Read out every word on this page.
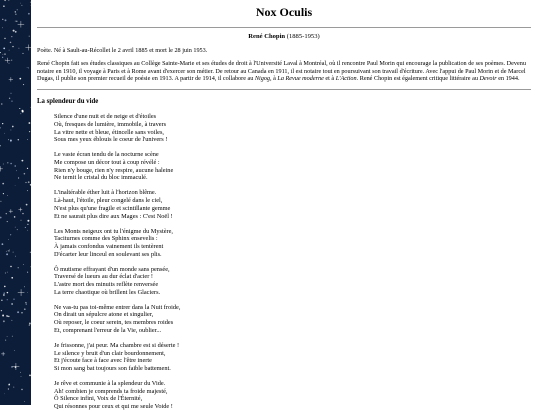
Nox Oculis
René Chopin (1885-1953)
Poète. Né à Sault-au-Récollet le 2 avril 1885 et mort le 28 juin 1953.
René Chopin fait ses études classiques au Collège Sainte-Marie et ses études de droit à l'Université Laval à Montréal, où il rencontre Paul Morin qui encourage la publication de ses poèmes. Devenu notaire en 1910, il voyage à Paris et à Rome avant d'exercer son métier. De retour au Canada en 1911, il est notaire tout en poursuivant son travail d'écriture. Avec l'appui de Paul Morin et de Marcel Dugas, il publie son premier recueil de poésie en 1913. A partir de 1914, il collabore au Nigog, à La Revue moderne et à L'Action. René Chopin est également critique littéraire au Devoir en 1944.
La splendeur du vide
Silence d'une nuit et de neige et d'étoiles
Où, fresques de lumière, immobile, à travers
La vitre nette et bleue, étincelle sans voiles,
Sous mes yeux éblouis le coeur de l'univers !
Le vaste écran tendu de la nocturne scène
Me compose un décor tout à coup révélé :
Rien n'y bouge, rien n'y respire, aucune haleine
Ne ternit le cristal du bloc immaculé.
L'inaltérable éther luit à l'horizon blême.
Là-haut, l'étoile, pleur congelé dans le ciel,
N'est plus qu'une fragile et scintillante gemme
Et ne saurait plus dire aux Mages : C'est Noël !
Les Monts neigeux ont tu l'énigme du Mystère,
Taciturnes comme des Sphinx ensevelis :
À jamais confondus vainement ils tentèrent
D'écarter leur linceul en soulevant ses plis.
Ô mutisme effrayant d'un monde sans pensée,
Traversé de lueurs au dur éclat d'acier !
L'astre mort des minuits reflète renversée
La terre chaotique où brillent les Glaciers.
Ne vas-tu pas toi-même entrer dans la Nuit froide,
On dirait un sépulcre atone et singulier,
Où reposer, le coeur serein, tes membres roides
Et, comprenant l'erreur de la Vie, oublier...
Je frissonne, j'ai peur. Ma chambre est si déserte !
Le silence y bruit d'un clair bourdonnement,
Et j'écoute face à face avec l'être inerte
Si mon sang bat toujours son faible battement.
Je rêve et communie à la splendeur du Vide.
Ah! combien je comprends ta froide majesté,
Ô Silence infini, Voix de l'Éternité,
Qui résonnes pour ceux et qui me seule Voide !
